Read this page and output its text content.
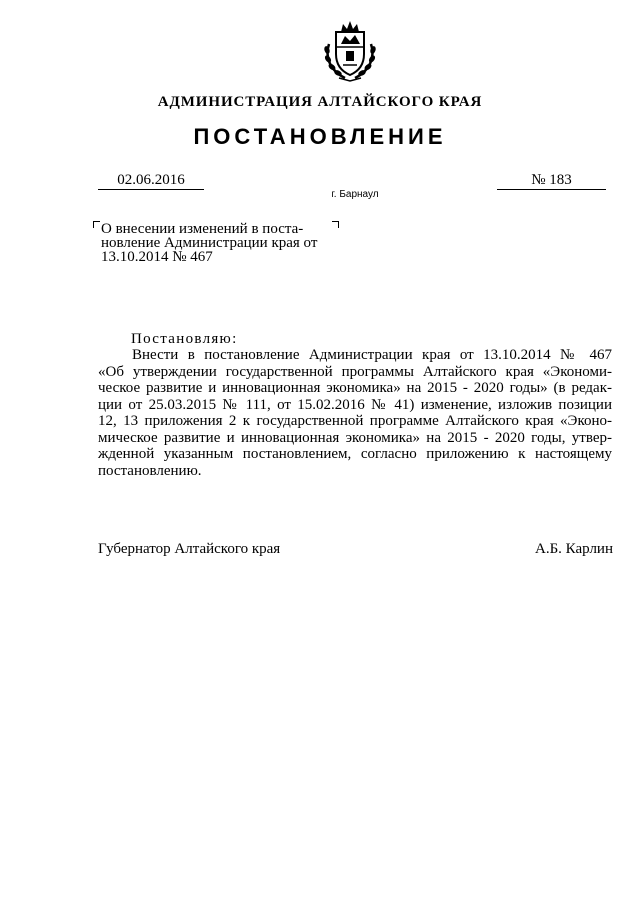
АДМИНИСТРАЦИЯ АЛТАЙСКОГО КРАЯ
ПОСТАНОВЛЕНИЕ
02.06.2016	№ 183
г. Барнаул
О внесении изменений в поста-
новление Администрации края от
13.10.2014 № 467
Постановляю:
Внести в постановление Администрации края от 13.10.2014 № 467
«Об утверждении государственной программы Алтайского края «Экономи-
ческое развитие и инновационная экономика» на 2015 - 2020 годы» (в редак-
ции от 25.03.2015 № 111, от 15.02.2016 № 41) изменение, изложив позиции
12, 13 приложения 2 к государственной программе Алтайского края «Эконо-
мическое развитие и инновационная экономика» на 2015 - 2020 годы, утвер-
жденной указанным постановлением, согласно приложению к настоящему
постановлению.
Губернатор Алтайского края	А.Б. Карлин
